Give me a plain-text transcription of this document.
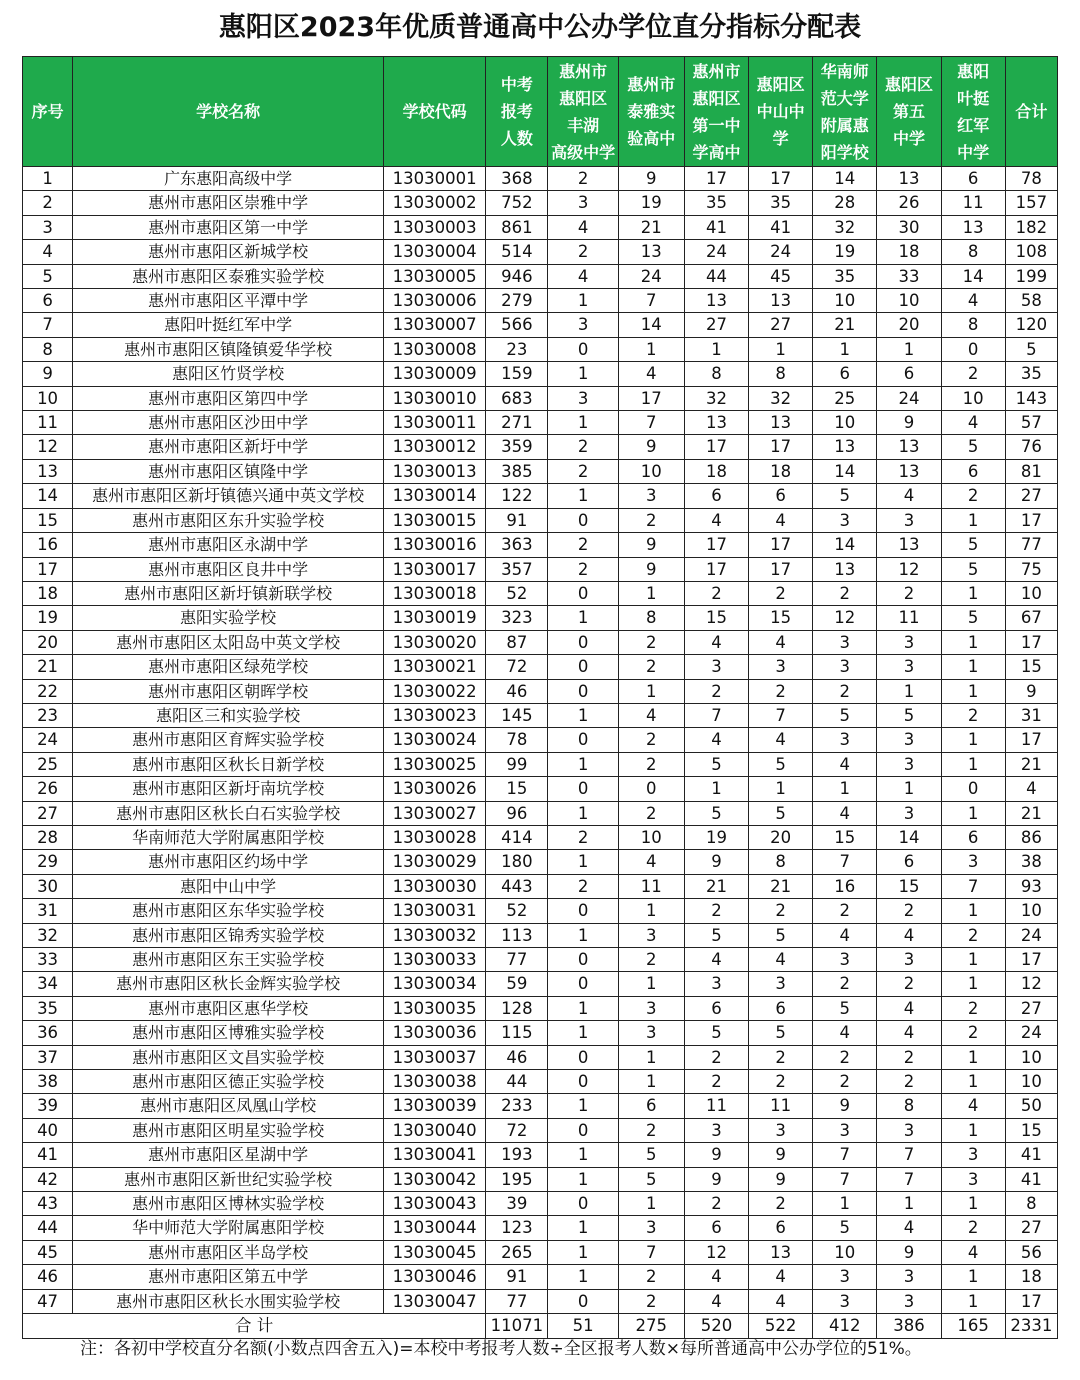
惠阳区2023年优质普通高中公办学位直分指标分配表
序号	学校名称	学校代码	中考
报考
人数	惠州市
惠阳区
丰湖
高级中学	惠州市
泰雅实
验高中	惠州市
惠阳区
第一中
学高中	惠阳区
中山中
学	华南师
范大学
附属惠
阳学校	惠阳区
第五
中学	惠阳
叶挺
红军
中学	合计

1	广东惠阳高级中学	13030001	368	2	9	17	17	14	13	6	78
2	惠州市惠阳区崇雅中学	13030002	752	3	19	35	35	28	26	11	157
3	惠州市惠阳区第一中学	13030003	861	4	21	41	41	32	30	13	182
4	惠州市惠阳区新城学校	13030004	514	2	13	24	24	19	18	8	108
5	惠州市惠阳区泰雅实验学校	13030005	946	4	24	44	45	35	33	14	199
6	惠州市惠阳区平潭中学	13030006	279	1	7	13	13	10	10	4	58
7	惠阳叶挺红军中学	13030007	566	3	14	27	27	21	20	8	120
8	惠州市惠阳区镇隆镇爱华学校	13030008	23	0	1	1	1	1	1	0	5
9	惠阳区竹贤学校	13030009	159	1	4	8	8	6	6	2	35
10	惠州市惠阳区第四中学	13030010	683	3	17	32	32	25	24	10	143
11	惠州市惠阳区沙田中学	13030011	271	1	7	13	13	10	9	4	57
12	惠州市惠阳区新圩中学	13030012	359	2	9	17	17	13	13	5	76
13	惠州市惠阳区镇隆中学	13030013	385	2	10	18	18	14	13	6	81
14	惠州市惠阳区新圩镇德兴通中英文学校	13030014	122	1	3	6	6	5	4	2	27
15	惠州市惠阳区东升实验学校	13030015	91	0	2	4	4	3	3	1	17
16	惠州市惠阳区永湖中学	13030016	363	2	9	17	17	14	13	5	77
17	惠州市惠阳区良井中学	13030017	357	2	9	17	17	13	12	5	75
18	惠州市惠阳区新圩镇新联学校	13030018	52	0	1	2	2	2	2	1	10
19	惠阳实验学校	13030019	323	1	8	15	15	12	11	5	67
20	惠州市惠阳区太阳岛中英文学校	13030020	87	0	2	4	4	3	3	1	17
21	惠州市惠阳区绿苑学校	13030021	72	0	2	3	3	3	3	1	15
22	惠州市惠阳区朝晖学校	13030022	46	0	1	2	2	2	1	1	9
23	惠阳区三和实验学校	13030023	145	1	4	7	7	5	5	2	31
24	惠州市惠阳区育辉实验学校	13030024	78	0	2	4	4	3	3	1	17
25	惠州市惠阳区秋长日新学校	13030025	99	1	2	5	5	4	3	1	21
26	惠州市惠阳区新圩南坑学校	13030026	15	0	0	1	1	1	1	0	4
27	惠州市惠阳区秋长白石实验学校	13030027	96	1	2	5	5	4	3	1	21
28	华南师范大学附属惠阳学校	13030028	414	2	10	19	20	15	14	6	86
29	惠州市惠阳区约场中学	13030029	180	1	4	9	8	7	6	3	38
30	惠阳中山中学	13030030	443	2	11	21	21	16	15	7	93
31	惠州市惠阳区东华实验学校	13030031	52	0	1	2	2	2	2	1	10
32	惠州市惠阳区锦秀实验学校	13030032	113	1	3	5	5	4	4	2	24
33	惠州市惠阳区东王实验学校	13030033	77	0	2	4	4	3	3	1	17
34	惠州市惠阳区秋长金辉实验学校	13030034	59	0	1	3	3	2	2	1	12
35	惠州市惠阳区惠华学校	13030035	128	1	3	6	6	5	4	2	27
36	惠州市惠阳区博雅实验学校	13030036	115	1	3	5	5	4	4	2	24
37	惠州市惠阳区文昌实验学校	13030037	46	0	1	2	2	2	2	1	10
38	惠州市惠阳区德正实验学校	13030038	44	0	1	2	2	2	2	1	10
39	惠州市惠阳区凤凰山学校	13030039	233	1	6	11	11	9	8	4	50
40	惠州市惠阳区明星实验学校	13030040	72	0	2	3	3	3	3	1	15
41	惠州市惠阳区星湖中学	13030041	193	1	5	9	9	7	7	3	41
42	惠州市惠阳区新世纪实验学校	13030042	195	1	5	9	9	7	7	3	41
43	惠州市惠阳区博林实验学校	13030043	39	0	1	2	2	1	1	1	8
44	华中师范大学附属惠阳学校	13030044	123	1	3	6	6	5	4	2	27
45	惠州市惠阳区半岛学校	13030045	265	1	7	12	13	10	9	4	56
46	惠州市惠阳区第五中学	13030046	91	1	2	4	4	3	3	1	18
47	惠州市惠阳区秋长水围实验学校	13030047	77	0	2	4	4	3	3	1	17
合 计			11071	51	275	520	522	412	386	165	2331
注：各初中学校直分名额(小数点四舍五入)=本校中考报考人数÷全区报考人数×每所普通高中公办学位的51%。
